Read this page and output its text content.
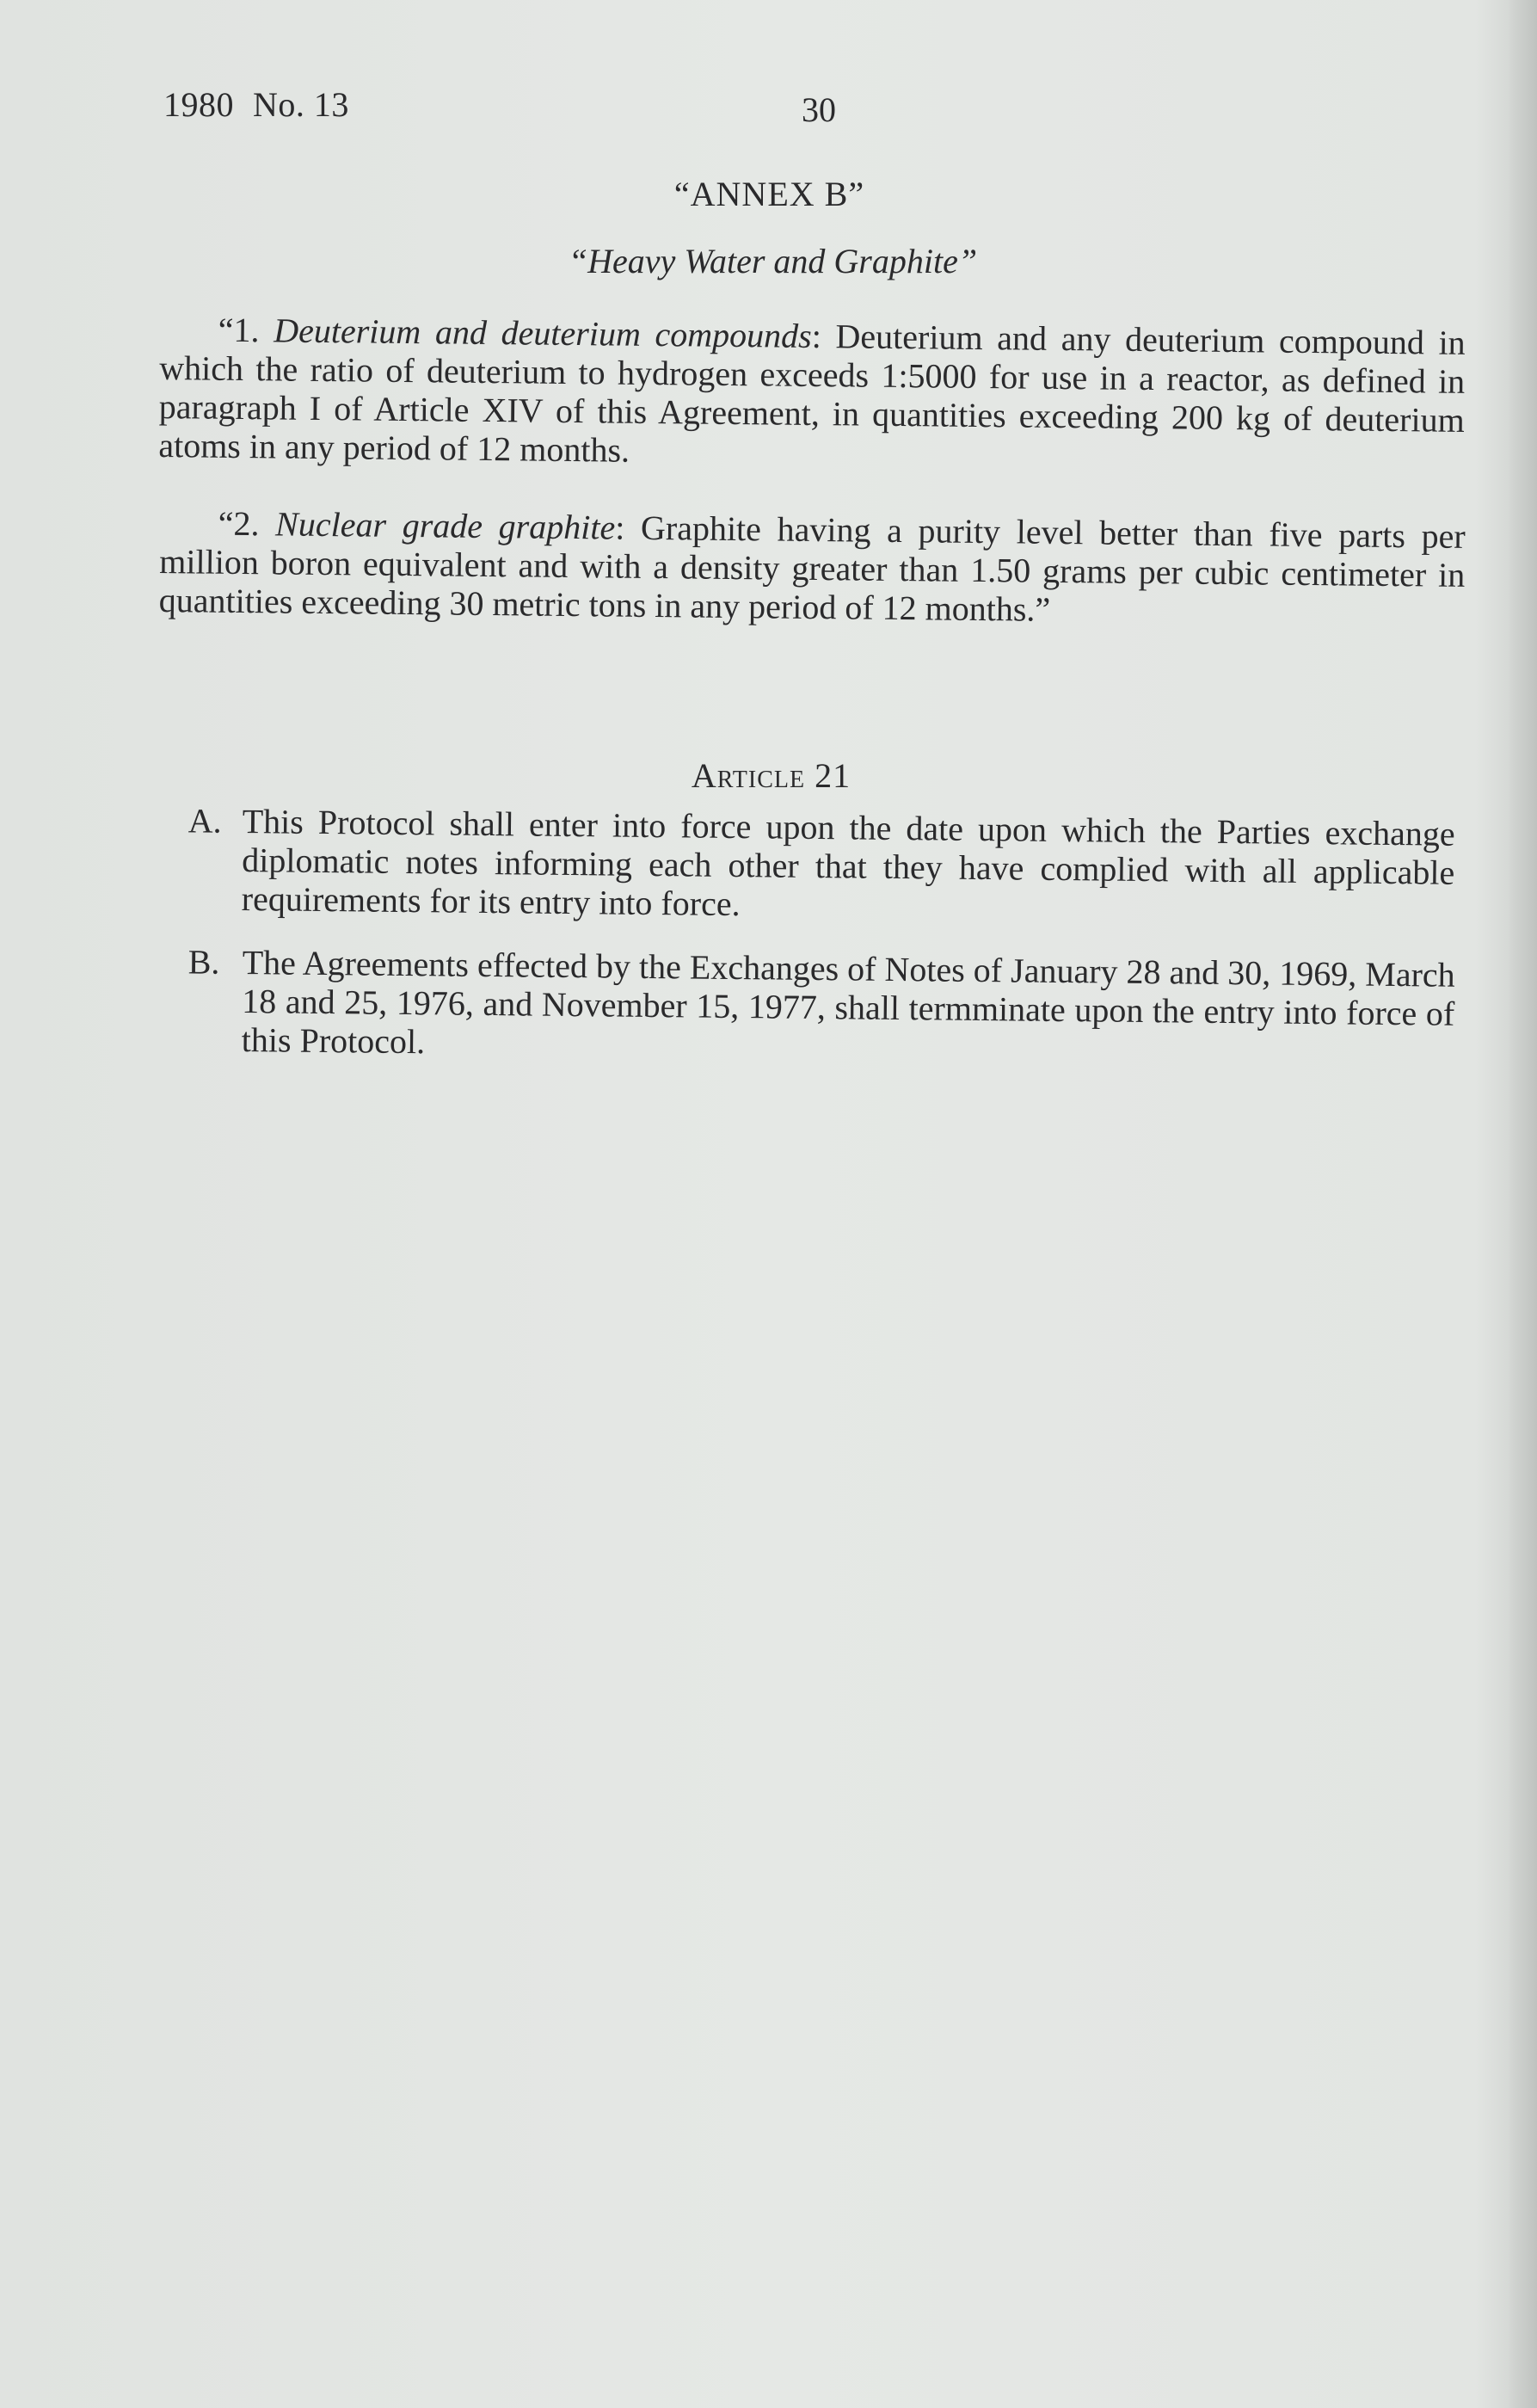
1980 No. 13	30
“ANNEX B”
“Heavy Water and Graphite”
“1. Deuterium and deuterium compounds: Deuterium and any deuterium compound in which the ratio of deuterium to hydrogen exceeds 1:5000 for use in a reactor, as defined in paragraph I of Article XIV of this Agreement, in quantities exceeding 200 kg of deuterium atoms in any period of 12 months.
“2. Nuclear grade graphite: Graphite having a purity level better than five parts per million boron equivalent and with a density greater than 1.50 grams per cubic centimeter in quantities exceeding 30 metric tons in any period of 12 months.”
Article 21
A. This Protocol shall enter into force upon the date upon which the Parties exchange diplomatic notes informing each other that they have complied with all applicable requirements for its entry into force.
B. The Agreements effected by the Exchanges of Notes of January 28 and 30, 1969, March 18 and 25, 1976, and November 15, 1977, shall termminate upon the entry into force of this Protocol.
